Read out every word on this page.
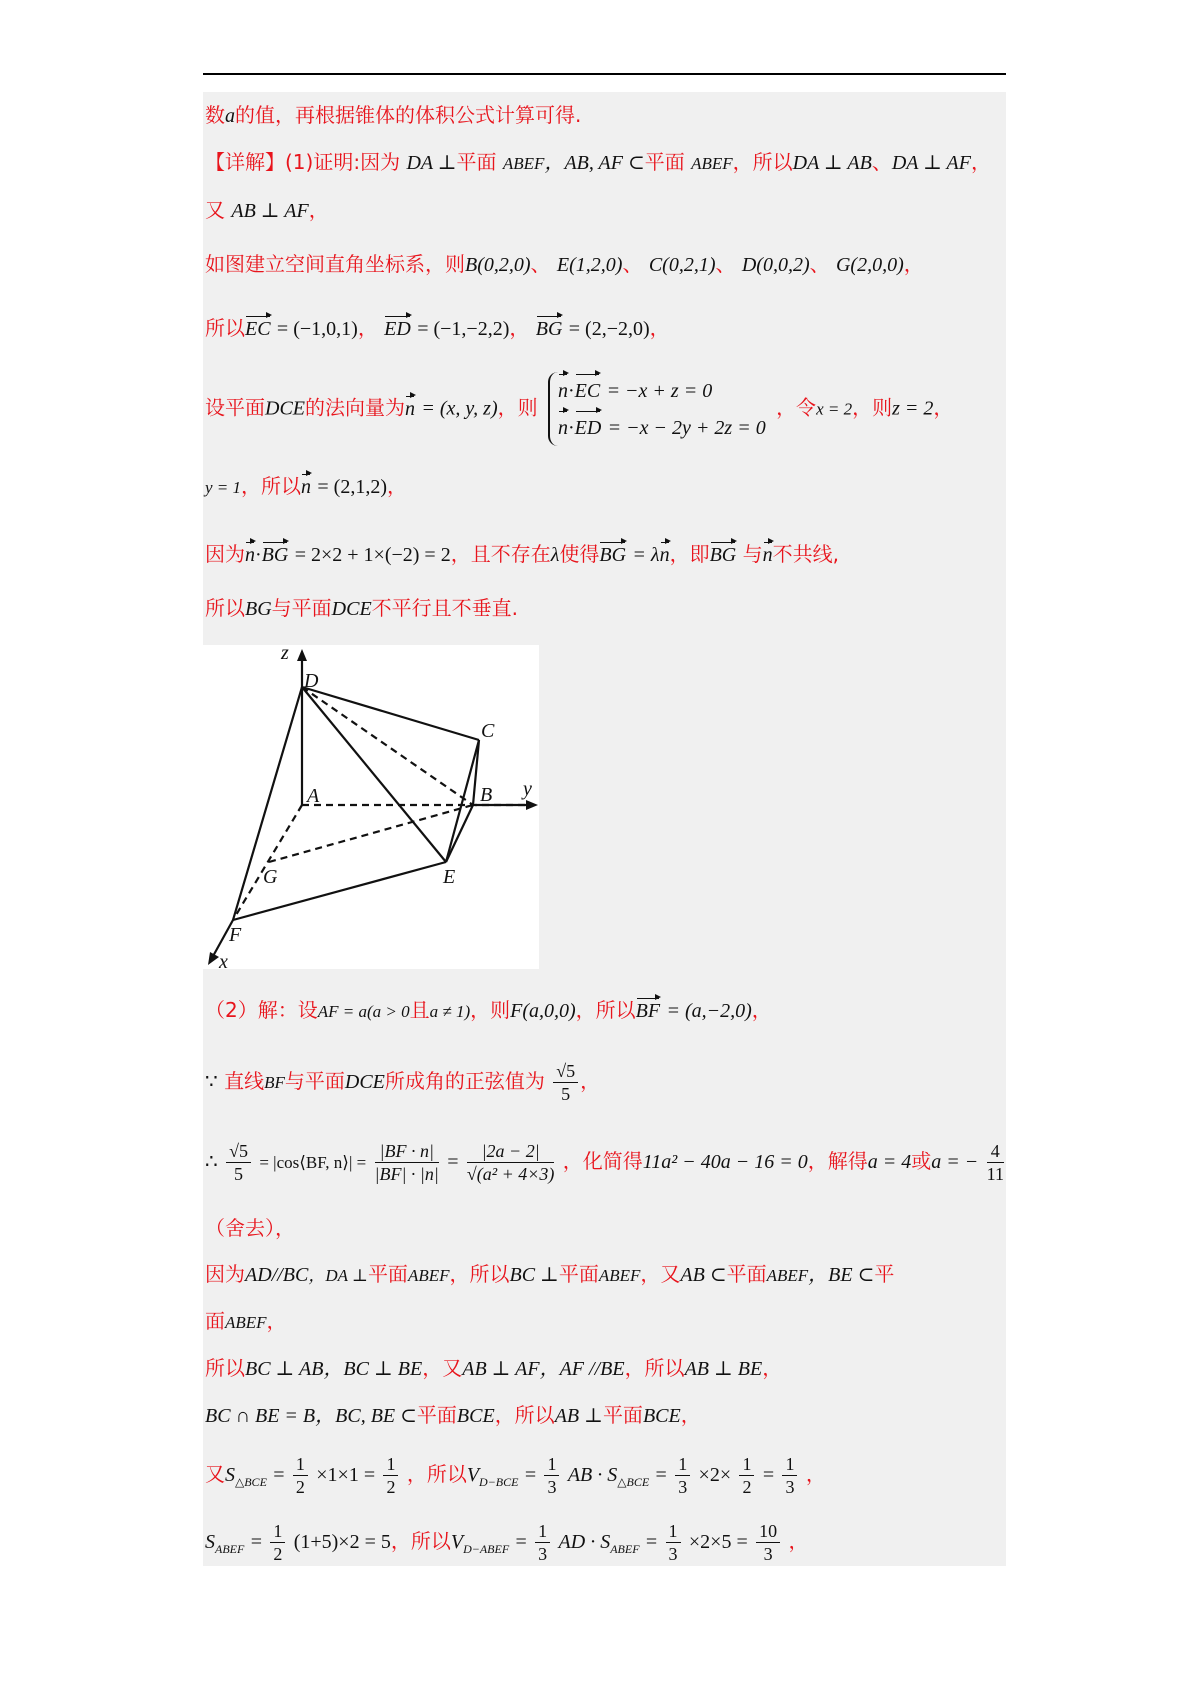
数a的值，再根据锥体的体积公式计算可得.
【详解】(1)证明:因为 DA ⊥平面 ABEF，AB, AF ⊂平面 ABEF，所以DA ⊥ AB、DA ⊥ AF，
又 AB ⊥ AF，
如图建立空间直角坐标系，则B(0,2,0)、 E(1,2,0)、 C(0,2,1)、 D(0,0,2)、 G(2,0,0)，
所以EC = (−1,0,1)， ED = (−1,−2,2)， BG = (2,−2,0)，
设平面DCE的法向量为n = (x, y, z)，则
n·EC = −x + z = 0
n·ED = −x − 2y + 2z = 0
，令x = 2，则z = 2，
y = 1，所以n = (2,1,2)，
因为n·BG = 2×2 + 1×(−2) = 2，且不存在λ使得BG = λn，即BG 与n不共线,
所以BG与平面DCE不平行且不垂直.
z
y
x
D
C
A	B
G	E
F
（2）解：设AF = a(a > 0且a ≠ 1)，则F(a,0,0)，所以BF = (a,−2,0)，
∵ 直线BF与平面DCE所成角的正弦值为 $\frac{√5}{5}$ ，
∴ $\frac{√5}{5}$ = |cos⟨BF, n⟩| = $\frac{|BF \cdot n|}{|BF| \cdot |n|} = \frac{|2a - 2|}{\text{√(a² + 4×3)}}$ ，化简得11a² − 40a − 16 = 0，解得a = 4或a = − $\frac{4}{11}$
（舍去），
因为AD//BC，DA ⊥平面ABEF，所以BC ⊥平面ABEF，又AB ⊂平面ABEF，BE ⊂平
面ABEF，
所以BC ⊥ AB，BC ⊥ BE，又AB ⊥ AF，AF //BE，所以AB ⊥ BE，
BC ∩ BE = B，BC, BE ⊂平面BCE，所以AB ⊥平面BCE，
又$S_{\triangle BCE} = \frac{1}{2} \times 1\times 1 = \frac{1}{2}$ ，所以$V_{D-BCE} = \frac{1}{3}$ AB · $S_{\triangle BCE} = \frac{1}{3} \times 2\times \frac{1}{2} = \frac{1}{3}$ ，
$S_{ABEF} = \frac{1}{2} (1+5)\times 2 = 5$，所以$V_{D-ABEF} = \frac{1}{3}$ AD · $S_{ABEF} = \frac{1}{3} \times 2\times 5 = \frac{10}{3}$ ，
